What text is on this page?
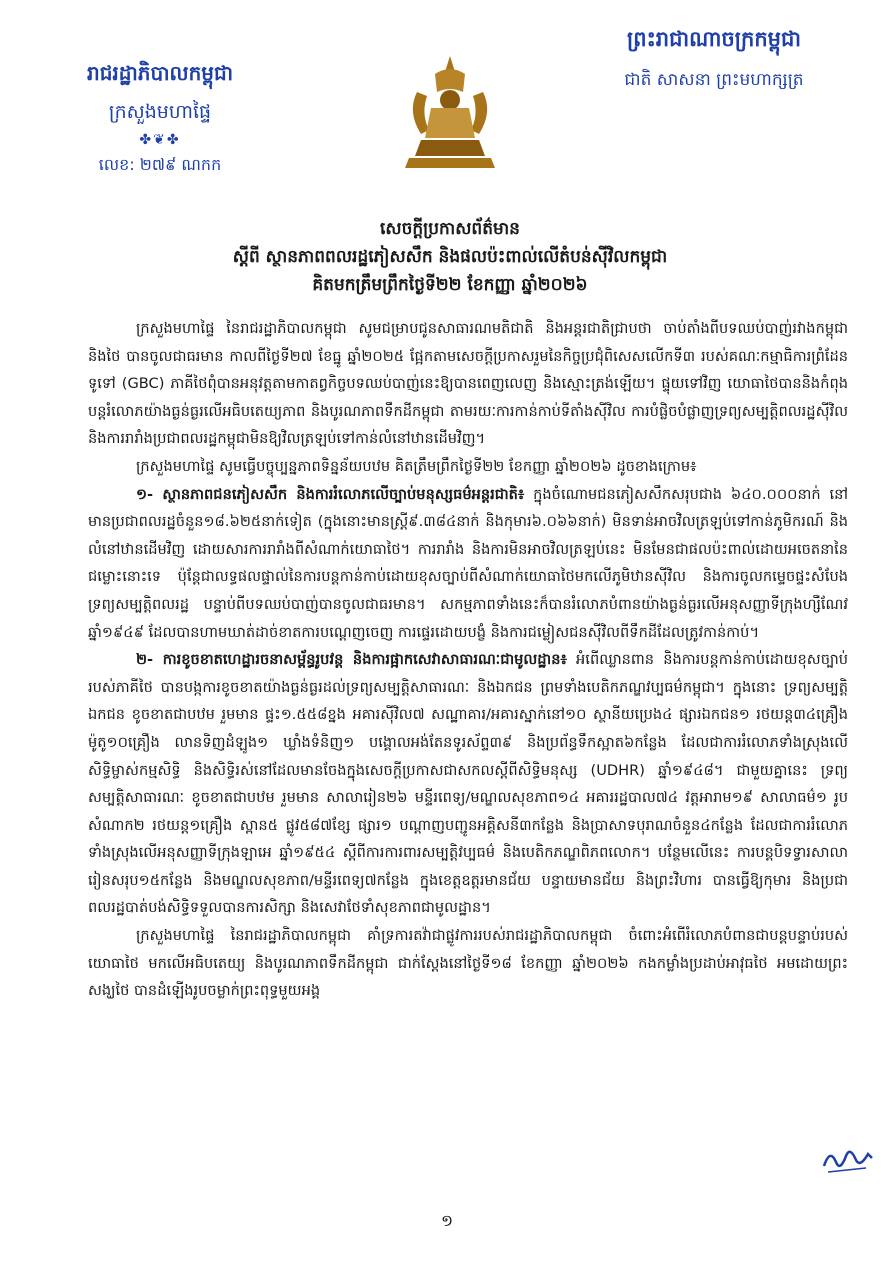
រាជរដ្ឋាភិបាលកម្ពុជា
ក្រសួងមហាផ្ទៃ
✤❦✤
លេខ: ២៧៩ ណកក
ព្រះរាជាណាចក្រកម្ពុជា
ជាតិ សាសនា ព្រះមហាក្សត្រ
សេចក្ដីប្រកាសព័ត៌មាន
ស្ដីពី ស្ថានភាពពលរដ្ឋភៀសសឹក និងផលប៉ះពាល់លើតំបន់ស៊ីវិលកម្ពុជា
គិតមកត្រឹមព្រឹកថ្ងៃទី២២ ខែកញ្ញា ឆ្នាំ២០២៦

ក្រសួងមហាផ្ទៃ នៃរាជរដ្ឋាភិបាលកម្ពុជា សូមជម្រាបជូនសាធារណមតិជាតិ និងអន្តរជាតិជ្រាបថា ចាប់តាំងពីបទឈប់បាញ់រវាងកម្ពុជា និងថៃ បានចូលជាធរមាន កាលពីថ្ងៃទី២៧ ខែធ្នូ ឆ្នាំ២០២៥ ផ្អែកតាមសេចក្ដីប្រកាសរួមនៃកិច្ចប្រជុំពិសេសលើកទី៣ របស់គណៈកម្មាធិការព្រំដែនទូទៅ (GBC) ភាគីថៃពុំបានអនុវត្តតាមកាតព្វកិច្ចបទឈប់បាញ់នេះឱ្យបានពេញលេញ និងស្មោះត្រង់ឡើយ។ ផ្ទុយទៅវិញ យោធាថៃបាននិងកំពុងបន្តរំលោភយ៉ាងធ្ងន់ធ្ងរលើអធិបតេយ្យភាព និងបូរណភាពទឹកដីកម្ពុជា តាមរយៈការកាន់កាប់ទីតាំងស៊ីវិល ការបំផ្លិចបំផ្លាញទ្រព្យសម្បត្តិពលរដ្ឋស៊ីវិល និងការរារាំងប្រជាពលរដ្ឋកម្ពុជាមិនឱ្យវិលត្រឡប់ទៅកាន់លំនៅឋានដើមវិញ។

ក្រសួងមហាផ្ទៃ សូមធ្វើបច្ចុប្បន្នភាពទិន្នន័យបឋម គិតត្រឹមព្រឹកថ្ងៃទី២២ ខែកញ្ញា ឆ្នាំ២០២៦ ដូចខាងក្រោម៖

១- ស្ថានភាពជនភៀសសឹក និងការរំលោភលើច្បាប់មនុស្សធម៌អន្តរជាតិ៖ ក្នុងចំណោមជនភៀសសឹកសរុបជាង ៦៤០.០០០នាក់ នៅមានប្រជាពលរដ្ឋចំនួន១៨.៦២៥នាក់ទៀត (ក្នុងនោះមានស្ត្រី៩.៣៨៤នាក់ និងកុមារ៦.០៦៦នាក់) មិនទាន់អាចវិលត្រឡប់ទៅកាន់ភូមិករណ៍ និងលំនៅឋានដើមវិញ ដោយសារការរារាំងពីសំណាក់យោធាថៃ។ ការរារាំង និងការមិនអាចវិលត្រឡប់នេះ មិនមែនជាផលប៉ះពាល់ដោយអចេតនានៃជម្លោះនោះទេ ប៉ុន្តែជាលទ្ធផលផ្ទាល់នៃការបន្តកាន់កាប់ដោយខុសច្បាប់ពីសំណាក់យោធាថៃមកលើភូមិឋានស៊ីវិល និងការចូលកម្ទេចផ្ទះសំបែង ទ្រព្យសម្បត្តិពលរដ្ឋ បន្ទាប់ពីបទឈប់បាញ់បានចូលជាធរមាន។ សកម្មភាពទាំងនេះក៏បានរំលោភបំពានយ៉ាងធ្ងន់ធ្ងរលើអនុសញ្ញាទីក្រុងហ្សឺណែវ ឆ្នាំ១៩៤៩ ដែលបានហាមឃាត់ដាច់ខាតការបណ្ដេញចេញ ការផ្ទេរដោយបង្ខំ និងការជម្លៀសជនស៊ីវិលពីទឹកដីដែលត្រូវកាន់កាប់។

២- ការខូចខាតហេដ្ឋារចនាសម្ព័ន្ធរូបវន្ត និងការផ្អាកសេវាសាធារណៈជាមូលដ្ឋាន៖ អំពើឈ្លានពាន និងការបន្តកាន់កាប់ដោយខុសច្បាប់របស់ភាគីថៃ បានបង្កការខូចខាតយ៉ាងធ្ងន់ធ្ងរដល់ទ្រព្យសម្បត្តិសាធារណៈ និងឯកជន ព្រមទាំងបេតិកភណ្ឌវប្បធម៌កម្ពុជា។ ក្នុងនោះ ទ្រព្យសម្បត្តិឯកជន ខូចខាតជាបឋម រួមមាន ផ្ទះ១.៥៥៨ខ្នង អគារស៊ីវិល៧ សណ្ឋាគារ/អគារស្នាក់នៅ១០ ស្ថានីយប្រេង៤ ផ្សារឯកជន១ រថយន្ត៣៤គ្រឿង ម៉ូតូ១០គ្រឿង លានទិញដំឡូង១ ឃ្លាំងទំនិញ១ បង្គោលអង់តែនទូរស័ព្ទ៣៩ និងប្រព័ន្ធទឹកស្អាត៦កន្លែង ដែលជាការរំលោភទាំងស្រុងលើសិទ្ធិម្ចាស់កម្មសិទ្ធិ និងសិទ្ធិរស់នៅដែលមានចែងក្នុងសេចក្ដីប្រកាសជាសកលស្ដីពីសិទ្ធិមនុស្ស (UDHR) ឆ្នាំ១៩៤៨។ ជាមួយគ្នានេះ ទ្រព្យសម្បត្តិសាធារណៈ ខូចខាតជាបឋម រួមមាន សាលារៀន២៦ មន្ទីរពេទ្យ/មណ្ឌលសុខភាព១៤ អគាររដ្ឋបាល៧៤ វត្តអារាម១៩ សាលាធម៌១ រូបសំណាក២ រថយន្ត១គ្រឿង ស្ពាន៥ ផ្លូវ៥៨៧ខ្សែ ផ្សារ១ បណ្ដាញបញ្ជូនអគ្គិសនី៣កន្លែង និងប្រាសាទបុរាណចំនួន៤កន្លែង ដែលជាការរំលោភទាំងស្រុងលើអនុសញ្ញាទីក្រុងឡាអេ ឆ្នាំ១៩៥៤ ស្ដីពីការការពារសម្បត្តិវប្បធម៌ និងបេតិកភណ្ឌពិភពលោក។ បន្ថែមលើនេះ ការបន្តបិទទ្វារសាលារៀនសរុប១៥កន្លែង និងមណ្ឌលសុខភាព/មន្ទីរពេទ្យ៧កន្លែង ក្នុងខេត្តឧត្ដរមានជ័យ បន្ទាយមានជ័យ និងព្រះវិហារ បានធ្វើឱ្យកុមារ និងប្រជាពលរដ្ឋបាត់បង់សិទ្ធិទទួលបានការសិក្សា និងសេវាថែទាំសុខភាពជាមូលដ្ឋាន។

ក្រសួងមហាផ្ទៃ នៃរាជរដ្ឋាភិបាលកម្ពុជា គាំទ្រការតវ៉ាជាផ្លូវការរបស់រាជរដ្ឋាភិបាលកម្ពុជា ចំពោះអំពើរំលោភបំពានជាបន្តបន្ទាប់របស់យោធាថៃ មកលើអធិបតេយ្យ និងបូរណភាពទឹកដីកម្ពុជា ជាក់ស្ដែងនៅថ្ងៃទី១៨ ខែកញ្ញា ឆ្នាំ២០២៦ កងកម្លាំងប្រដាប់អាវុធថៃ អមដោយព្រះសង្ឃថៃ បានដំឡើងរូបចម្លាក់ព្រះពុទ្ធមួយអង្គ

១
